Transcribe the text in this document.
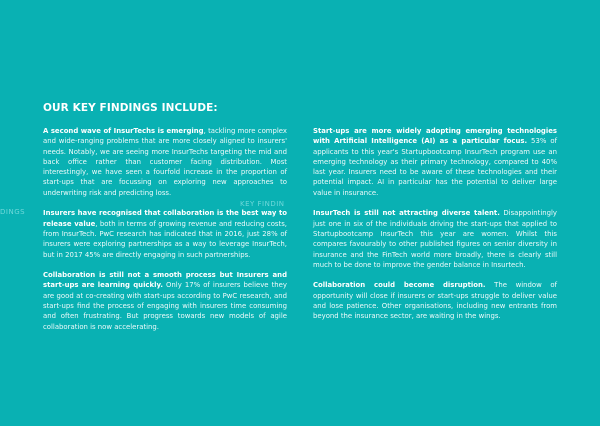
OUR KEY FINDINGS INCLUDE:

A second wave of InsurTechs is emerging, tackling more complex and wide-ranging problems that are more closely aligned to insurers' needs. Notably, we are seeing more InsurTechs targeting the mid and back office rather than customer facing distribution. Most interestingly, we have seen a fourfold increase in the proportion of start-ups that are focussing on exploring new approaches to underwriting risk and predicting loss.

Insurers have recognised that collaboration is the best way to release value, both in terms of growing revenue and reducing costs, from InsurTech. PwC research has indicated that in 2016, just 28% of insurers were exploring partnerships as a way to leverage InsurTech, but in 2017 45% are directly engaging in such partnerships.

Collaboration is still not a smooth process but Insurers and start-ups are learning quickly. Only 17% of insurers believe they are good at co-creating with start-ups according to PwC research, and start-ups find the process of engaging with insurers time consuming and often frustrating. But progress towards new models of agile collaboration is now accelerating.

Start-ups are more widely adopting emerging technologies with Artificial Intelligence (AI) as a particular focus. 53% of applicants to this year's Startupbootcamp InsurTech program use an emerging technology as their primary technology, compared to 40% last year. Insurers need to be aware of these technologies and their potential impact. AI in particular has the potential to deliver large value in insurance.

InsurTech is still not attracting diverse talent. Disappointingly just one in six of the individuals driving the start-ups that applied to Startupbootcamp InsurTech this year are women. Whilst this compares favourably to other published figures on senior diversity in insurance and the FinTech world more broadly, there is clearly still much to be done to improve the gender balance in Insurtech.

Collaboration could become disruption. The window of opportunity will close if insurers or start-ups struggle to deliver value and lose patience. Other organisations, including new entrants from beyond the insurance sector, are waiting in the wings.

DINGS
KEY FINDIN
